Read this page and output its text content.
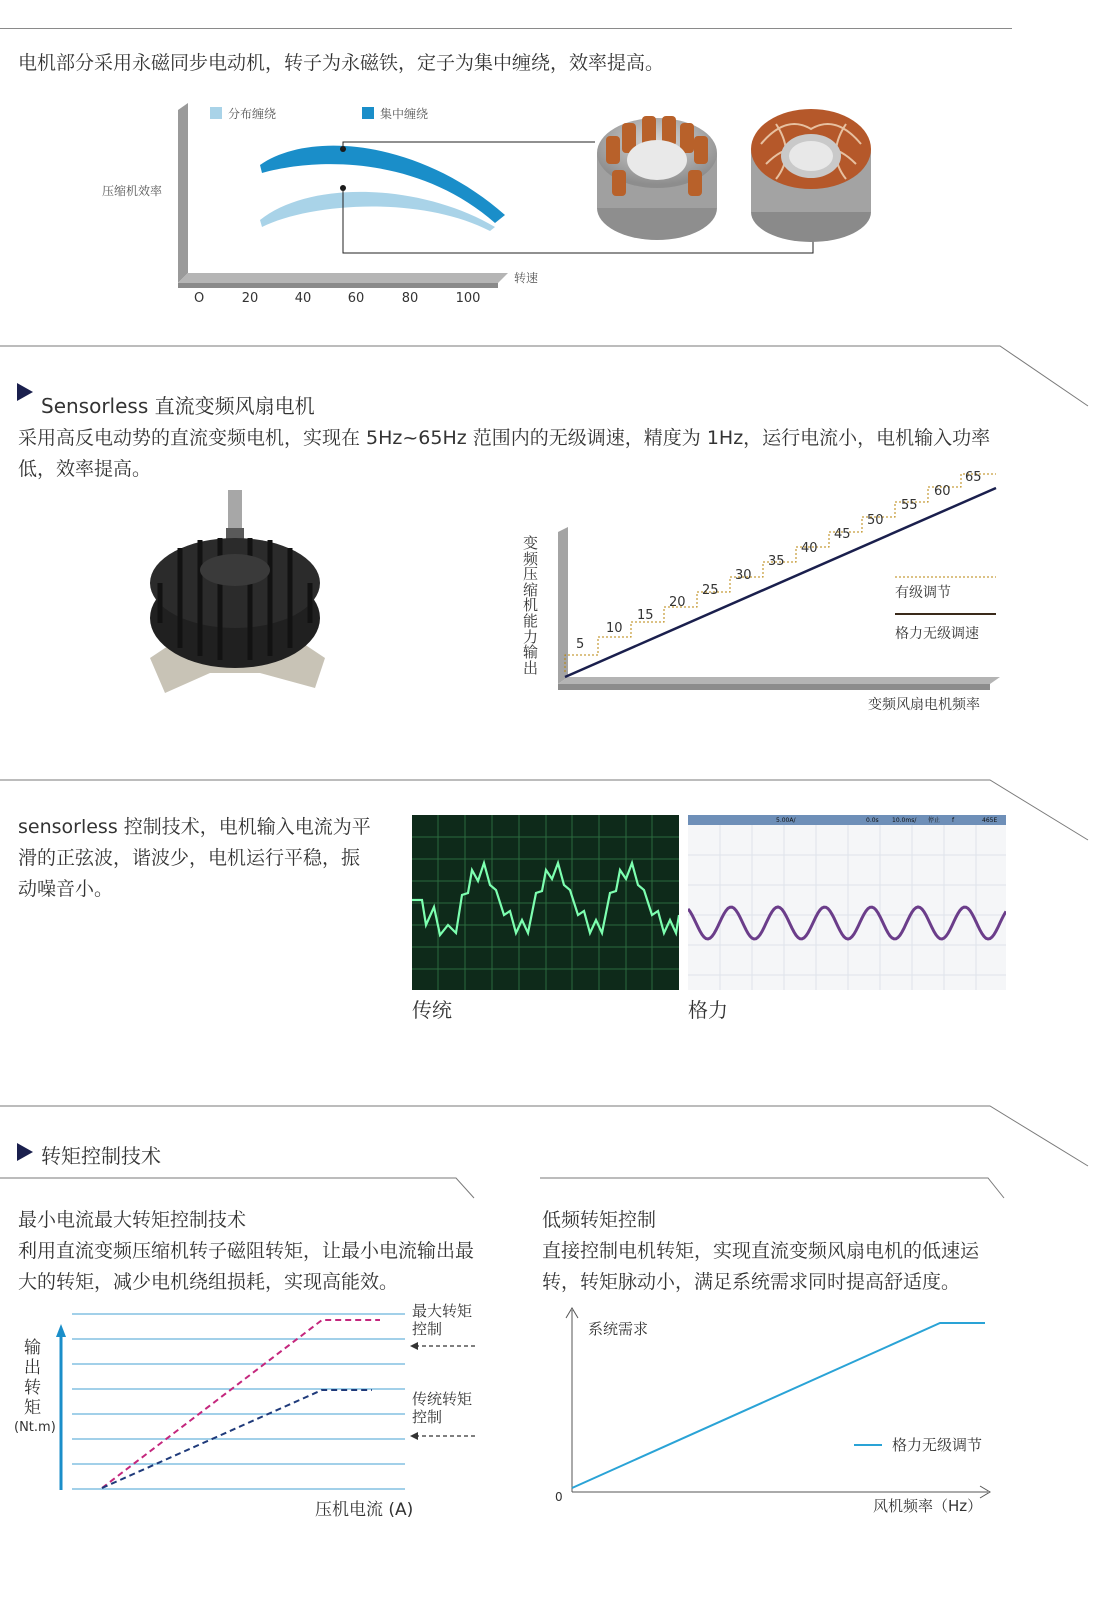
电机部分采用永磁同步电动机，转子为永磁铁，定子为集中缠绕，效率提高。
分布缠绕	集中缠绕
压缩机效率
转速
O	20	40	60	80	100
Sensorless 直流变频风扇电机
采用高反电动势的直流变频电机，实现在 5Hz~65Hz 范围内的无级调速，精度为 1Hz，运行电流小，电机输入功率低，效率提高。
5
10
15
20
25
30
35
40
45
50
55
60
65
有级调节
格力无级调速
变频风扇电机频率
变频压缩机能力输出
sensorless 控制技术，电机输入电流为平滑的正弦波，谐波少，电机运行平稳，振动噪音小。
5.00A/	0.0s 10.0ms/ 停止 f	465E
传统	格力
转矩控制技术
最小电流最大转矩控制技术
利用直流变频压缩机转子磁阻转矩，让最小电流输出最大的转矩，减少电机绕组损耗，实现高能效。
压机电流 (A)
最大转矩控制
传统转矩控制
输出转矩
(Nt.m)
低频转矩控制
直接控制电机转矩，实现直流变频风扇电机的低速运转，转矩脉动小，满足系统需求同时提高舒适度。
格力无级调节
系统需求
0	风机频率（Hz）
